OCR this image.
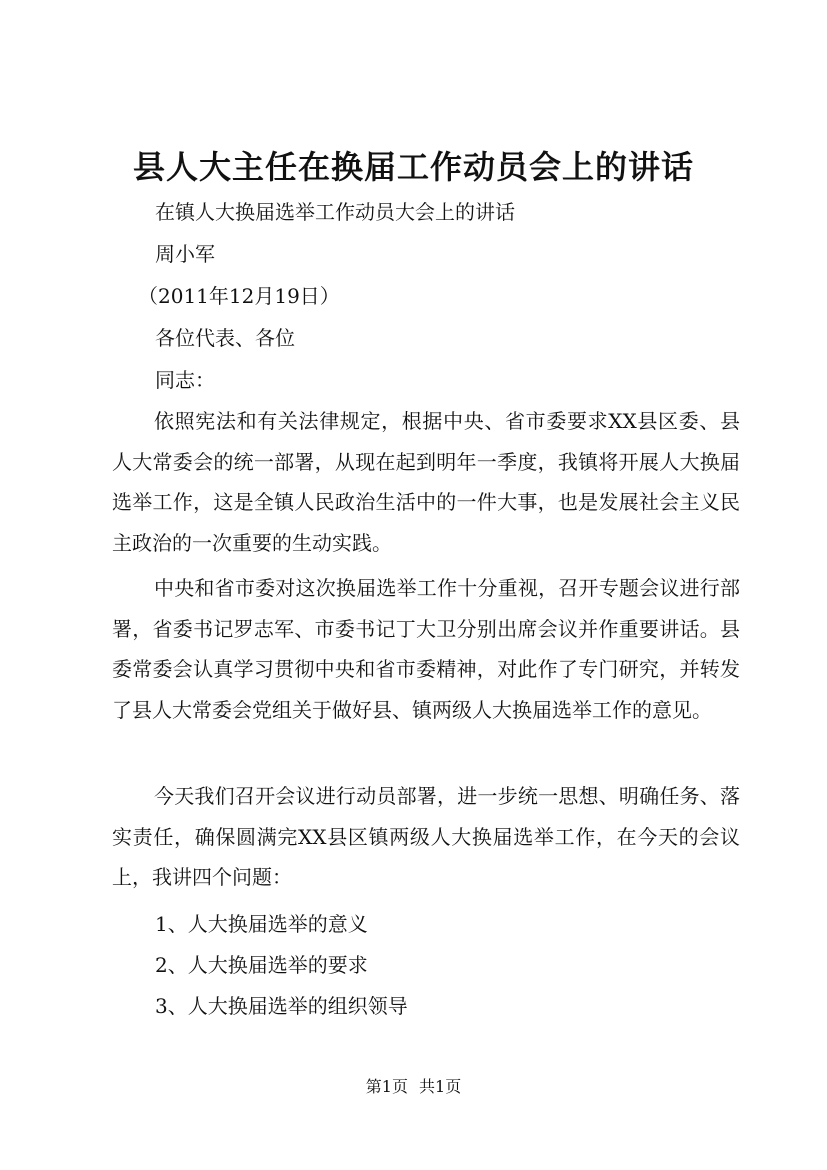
县人大主任在换届工作动员会上的讲话
在镇人大换届选举工作动员大会上的讲话
周小军
（2011年12月19日）
各位代表、各位
同志：

依照宪法和有关法律规定，根据中央、省市委要求XX县区委、县人大常委会的统一部署，从现在起到明年一季度，我镇将开展人大换届选举工作，这是全镇人民政治生活中的一件大事，也是发展社会主义民主政治的一次重要的生动实践。

中央和省市委对这次换届选举工作十分重视，召开专题会议进行部署，省委书记罗志军、市委书记丁大卫分别出席会议并作重要讲话。县委常委会认真学习贯彻中央和省市委精神，对此作了专门研究，并转发了县人大常委会党组关于做好县、镇两级人大换届选举工作的意见。

今天我们召开会议进行动员部署，进一步统一思想、明确任务、落实责任，确保圆满完XX县区镇两级人大换届选举工作，在今天的会议上，我讲四个问题：

1、人大换届选举的意义
2、人大换届选举的要求
3、人大换届选举的组织领导
第1页 共1页
